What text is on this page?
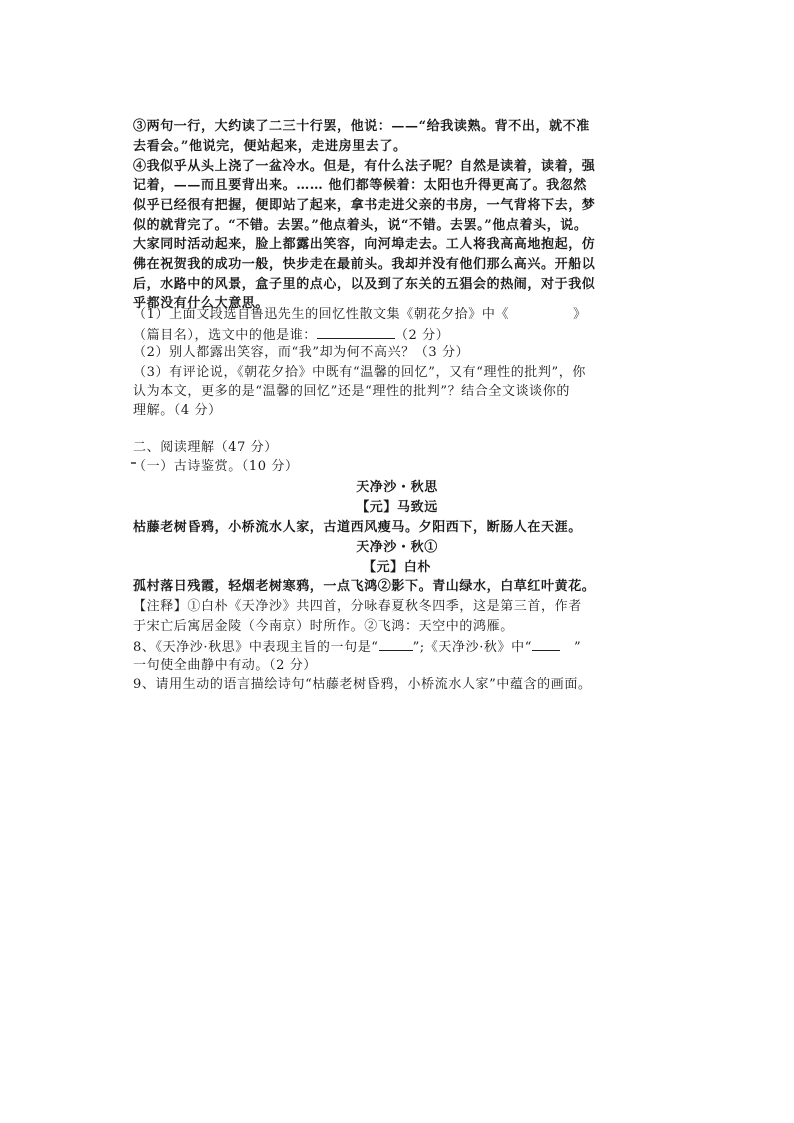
③两句一行，大约读了二三十行罢，他说：——“给我读熟。背不出，就不准
去看会。”他说完，便站起来，走进房里去了。
④我似乎从头上浇了一盆冷水。但是，有什么法子呢？自然是读着，读着，强
记着，——而且要背出来。…… 他们都等候着：太阳也升得更高了。我忽然
似乎已经很有把握，便即站了起来，拿书走进父亲的书房，一气背将下去，梦
似的就背完了。“不错。去罢。”他点着头，说“不错。去罢。”他点着头，说。
大家同时活动起来，脸上都露出笑容，向河埠走去。工人将我高高地抱起，仿
佛在祝贺我的成功一般，快步走在最前头。我却并没有他们那么高兴。开船以
后，水路中的风景，盒子里的点心，以及到了东关的五猖会的热闹，对于我似
乎都没有什么大意思。
（1）上面文段选自鲁迅先生的回忆性散文集《朝花夕拾》中《	》
（篇目名），选文中的他是谁：	（2 分）
（2）别人都露出笑容，而“我”却为何不高兴？（3 分）
（3）有评论说，《朝花夕拾》中既有“温馨的回忆”，又有“理性的批判”，你
认为本文，更多的是“温馨的回忆”还是“理性的批判”？结合全文谈谈你的
理解。（4 分）
二、阅读理解（47 分）
（一）古诗鉴赏。（10 分）
天净沙・秋思
【元】马致远
枯藤老树昏鸦，小桥流水人家，古道西风瘦马。夕阳西下，断肠人在天涯。
天净沙・秋①
【元】白朴
孤村落日残霞，轻烟老树寒鸦，一点飞鸿②影下。青山绿水，白草红叶黄花。
【注释】①白朴《天净沙》共四首，分咏春夏秋冬四季，这是第三首，作者
于宋亡后寓居金陵（今南京）时所作。②飞鸿：天空中的鸿雁。
8、《天净沙·秋思》中表现主旨的一句是“	”;《天净沙·秋》中“	”
一句使全曲静中有动。（2 分）
9、请用生动的语言描绘诗句“枯藤老树昏鸦，小桥流水人家”中蕴含的画面。
